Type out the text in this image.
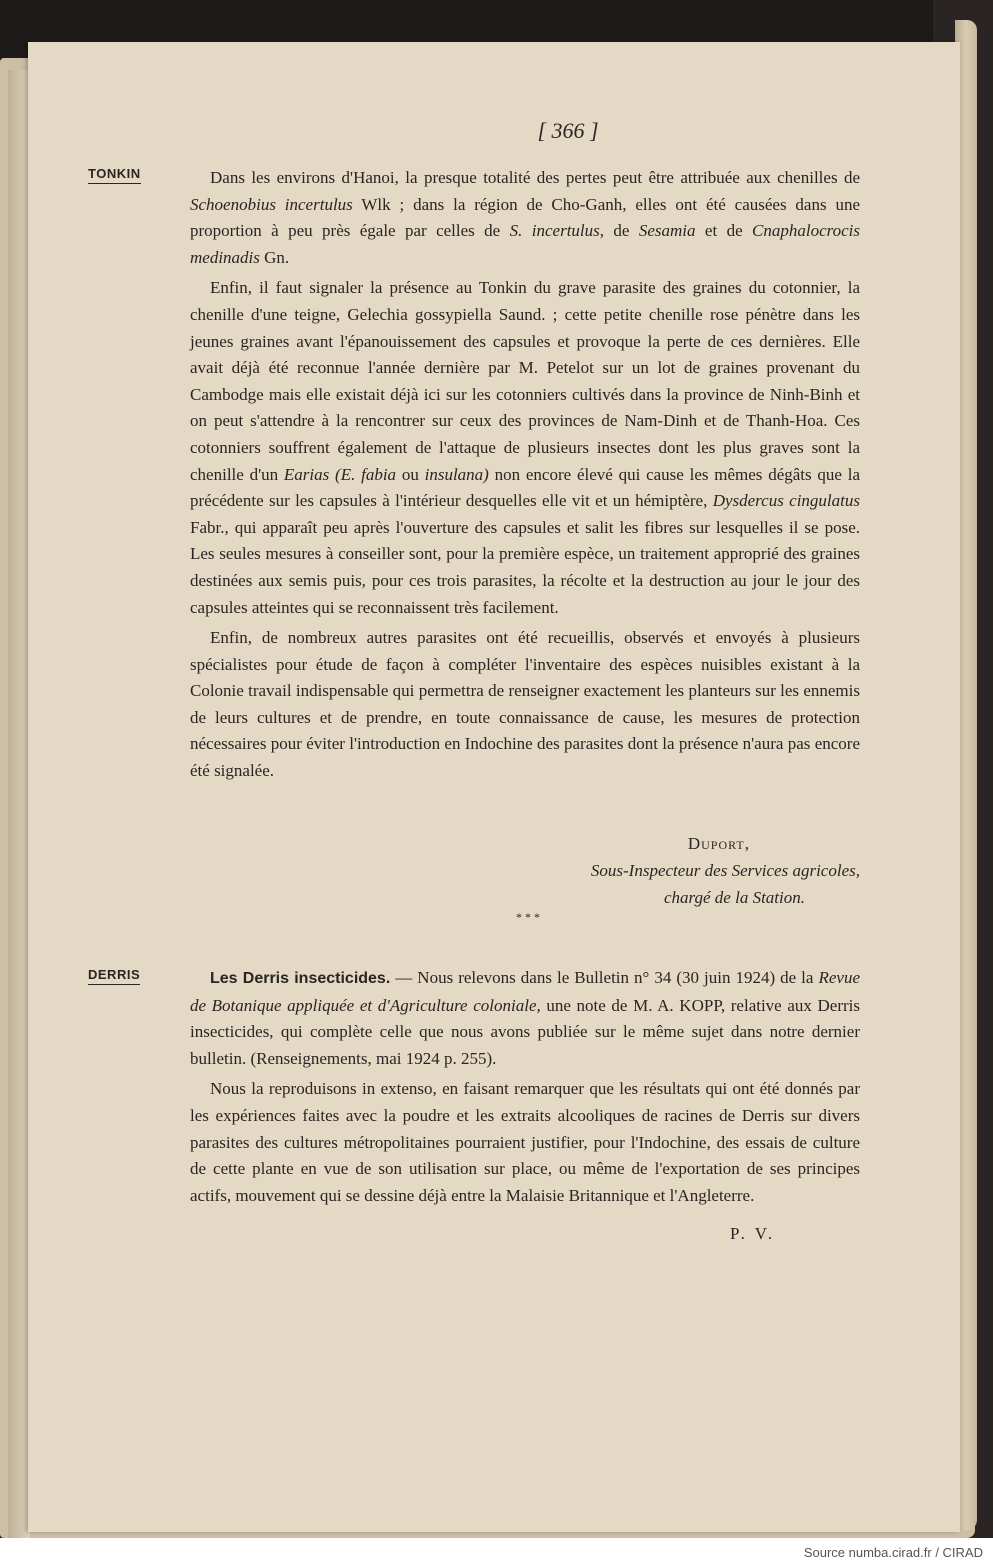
[ 366 ]
TONKIN	Dans les environs d'Hanoi, la presque totalité des pertes peut être attribuée aux chenilles de Schoenobius incertulus Wlk ; dans la région de Cho-Ganh, elles ont été causées dans une proportion à peu près égale par celles de S. incertulus, de Sesamia et de Cnaphalocrocis medinadis Gn.

Enfin, il faut signaler la présence au Tonkin du grave parasite des graines du cotonnier, la chenille d'une teigne, Gelechia gossypiella Saund. ; cette petite chenille rose pénètre dans les jeunes graines avant l'épanouissement des capsules et provoque la perte de ces dernières. Elle avait déjà été reconnue l'année dernière par M. Petelot sur un lot de graines provenant du Cambodge mais elle existait déjà ici sur les cotonniers cultivés dans la province de Ninh-Binh et on peut s'attendre à la rencontrer sur ceux des provinces de Nam-Dinh et de Thanh-Hoa. Ces cotonniers souffrent également de l'attaque de plusieurs insectes dont les plus graves sont la chenille d'un Earias (E. fabia ou insulana) non encore élevé qui cause les mêmes dégâts que la précédente sur les capsules à l'intérieur desquelles elle vit et un hémiptère, Dysdercus cingulatus Fabr., qui apparaît peu après l'ouverture des capsules et salit les fibres sur lesquelles il se pose. Les seules mesures à conseiller sont, pour la première espèce, un traitement approprié des graines destinées aux semis puis, pour ces trois parasites, la récolte et la destruction au jour le jour des capsules atteintes qui se reconnaissent très facilement.

Enfin, de nombreux autres parasites ont été recueillis, observés et envoyés à plusieurs spécialistes pour étude de façon à compléter l'inventaire des espèces nuisibles existant à la Colonie travail indispensable qui permettra de renseigner exactement les planteurs sur les ennemis de leurs cultures et de prendre, en toute connaissance de cause, les mesures de protection nécessaires pour éviter l'introduction en Indochine des parasites dont la présence n'aura pas encore été signalée.

Duport,
Sous-Inspecteur des Services agricoles,
chargé de la Station.
* * *
DERRIS	Les Derris insecticides. — Nous relevons dans le Bulletin n° 34 (30 juin 1924) de la Revue de Botanique appliquée et d'Agriculture coloniale, une note de M. A. KOPP, relative aux Derris insecticides, qui complète celle que nous avons publiée sur le même sujet dans notre dernier bulletin. (Renseignements, mai 1924 p. 255).

Nous la reproduisons in extenso, en faisant remarquer que les résultats qui ont été donnés par les expériences faites avec la poudre et les extraits alcooliques de racines de Derris sur divers parasites des cultures métropolitaines pourraient justifier, pour l'Indochine, des essais de culture de cette plante en vue de son utilisation sur place, ou même de l'exportation de ses principes actifs, mouvement qui se dessine déjà entre la Malaisie Britannique et l'Angleterre.

P. V.
Source numba.cirad.fr / CIRAD
